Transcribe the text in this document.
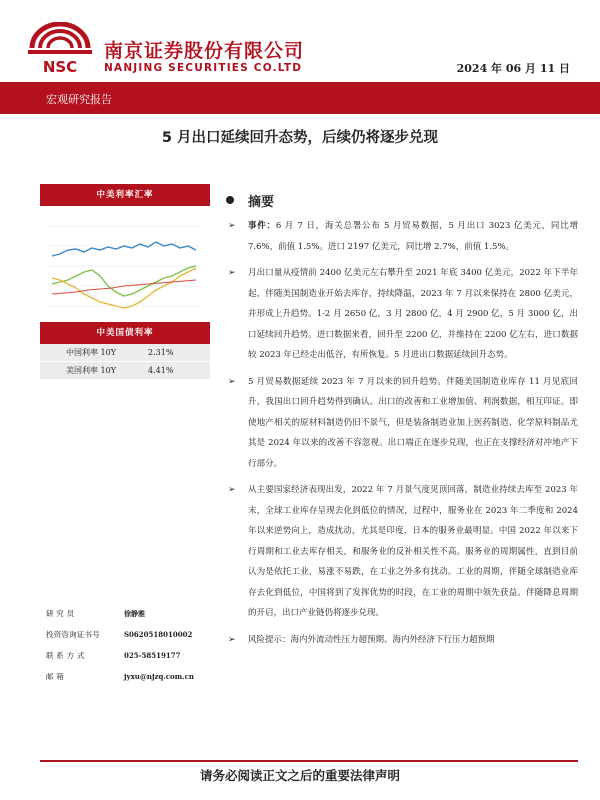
NSC
南京证券股份有限公司
NANJING SECURITIES CO.LTD	2024 年 06 月 11 日
宏观研究报告
5 月出口延续回升态势，后续仍将逐步兑现
中美利率汇率
中美国债利率
中国利率 10Y	2.31%
美国利率 10Y	4.41%
研 究 员	徐静雅
投资咨询证书号	S0620518010002
联 系 方 式	025-58519177
邮 箱	jyxu@njzq.com.cn
摘要
➢ 事件：6 月 7 日，海关总署公布 5 月贸易数据，5 月出口 3023 亿美元，同比增 7.6%，前值 1.5%。进口 2197 亿美元，同比增 2.7%，前值 1.5%。
➢ 月出口量从疫情前 2400 亿美元左右攀升至 2021 年底 3400 亿美元，2022 年下半年起，伴随美国制造业开始去库存，持续降温，2023 年 7 月以来保持在 2800 亿美元，并形成上升趋势。1-2 月 2650 亿，3 月 2800 亿，4 月 2900 亿，5 月 3000 亿，出口延续回升趋势。进口数据来看，回升至 2200 亿，并维持在 2200 亿左右，进口数据较 2023 年已经走出低谷，有所恢复。5 月进出口数据延续回升态势。
➢ 5 月贸易数据延续 2023 年 7 月以来的回升趋势。伴随美国制造业库存 11 月见底回升，我国出口回升趋势得到确认。出口的改善和工业增加值、利润数据，相互印证。即使地产相关的原材料制造仍旧不景气，但是装备制造业加上医药制造、化学原料制品尤其是 2024 年以来的改善不容忽视。出口端正在逐步兑现，也正在支撑经济对冲地产下行部分。
➢ 从主要国家经济表现出发，2022 年 7 月景气度见顶回落，制造业持续去库至 2023 年末，全球工业库存呈现去化到低位的情况，过程中，服务业在 2023 年二季度和 2024 年以来逆势向上，造成扰动，尤其是印度、日本的服务业最明显。中国 2022 年以来下行周期和工业去库存相关，和服务业的反补相关性不高。服务业的周期属性，直到目前认为是依托工业，易涨不易跌，在工业之外多有扰动。工业的周期，伴随全球制造业库存去化到低位，中国将到了发挥优势的时段，在工业的周期中领先获益。伴随降息周期的开启，出口产业链仍将逐步兑现。
➢ 风险提示：海内外流动性压力超预期、海内外经济下行压力超预期
请务必阅读正文之后的重要法律声明
